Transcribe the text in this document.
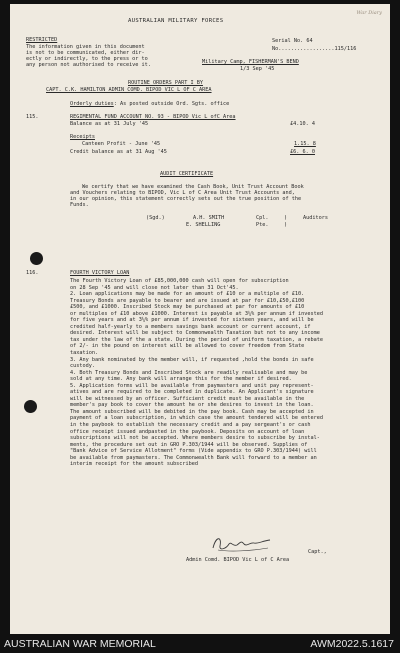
War Diary
AUSTRALIAN MILITARY FORCES
RESTRICTED
The information given in this document
is not to be communicated, either dir-
ectly or indirectly, to the press or to
any person not authorised to receive it.
Serial No. 64
No..................115/116
Military Camp, FISHERMAN'S BEND
1/3 Sep '45
ROUTINE ORDERS PART I BY
CAPT. C.K. HAMILTON ADMIN COMD. BIPOD VIC L OF C AREA
Orderly duties: As posted outside Ord. Sgts. office
115.	REGIMENTAL FUND ACCOUNT NO. 93 - BIPOD Vic L ofC Area
Balance as at 31 July '45	£4.10. 4
Receipts
Canteen Profit - June '45	1.15. 8
Credit balance as at 31 Aug '45	£6. 6. 0
AUDIT CERTIFICATE
We certify that we have examined the Cash Book, Unit Trust Account Book
and Vouchers relating to BIPOD, Vic L of C Area Unit Trust Accounts and,
in our opinion, this statement correctly sets out the true position of the
Funds.
(Sgd.)	A.H. SMITH	Cpl.	)	Auditors
E. SHELLING	Pte.	)
116.	FOURTH VICTORY LOAN
The Fourth Victory Loan of £85,000,000 cash will open for subscription
on 28 Sep '45 and will close not later than 31 Oct'45.
2. Loan applications may be made for an amount of £10 or a multiple of £10.
Treasury Bonds are payable to bearer and are issued at par for £10,£50,£100
£500, and £1000. Inscribed Stock may be purchased at par for amounts of £10
or multiples of £10 above £1000. Interest is payable at 3¼% per annum if invested
for five years and at 3¼% per annum if invested for sixteen years, and will be
credited half-yearly to a members savings bank account or current account, if
desired. Interest will be subject to Commonwealth Taxation but not to any income
tax under the law of the a state. During the period of uniform taxation, a rebate
of 2/- in the pound on interest will be allowed to cover freedom from State
taxation.
3. Any bank nominated by the member will, if requested ,hold the bonds in safe
custody.
4. Both Treasury Bonds and Inscribed Stock are readily realisable and may be
sold at any time. Any bank will arrange this for the member if desired.
5. Application forms will be available from paymasters and unit pay represent-
atives and are required to be completed in duplicate. An Applicant's signature
will be witnessed by an officer. Sufficient credit must be available in the
member's pay book to cover the amount he or she desires to invest in the loan.
The amount subscribed will be debited in the pay book. Cash may be accepted in
payment of a loan subscription, in which case the amount tendered will be entered
in the paybook to establish the necessary credit and a pay sergeant's or cash
office receipt issued andpasted in the paybook. Deposits on account of loan
subscriptions will not be accepted. Where members desire to subscribe by instal-
ments, the procedure set out in GRO P.303/1944 will be observed. Supplies of
"Bank Advice of Service Allotment" forms (Vide appendix to GRO P.303/1944) will
be available from paymasters. The Commonwealth Bank will forward to a member an
interim receipt for the amount subscribed
Capt.,
Admin Comd. BIPOD Vic L of C Area
AUSTRALIAN WAR MEMORIAL	AWM2022.5.1617
